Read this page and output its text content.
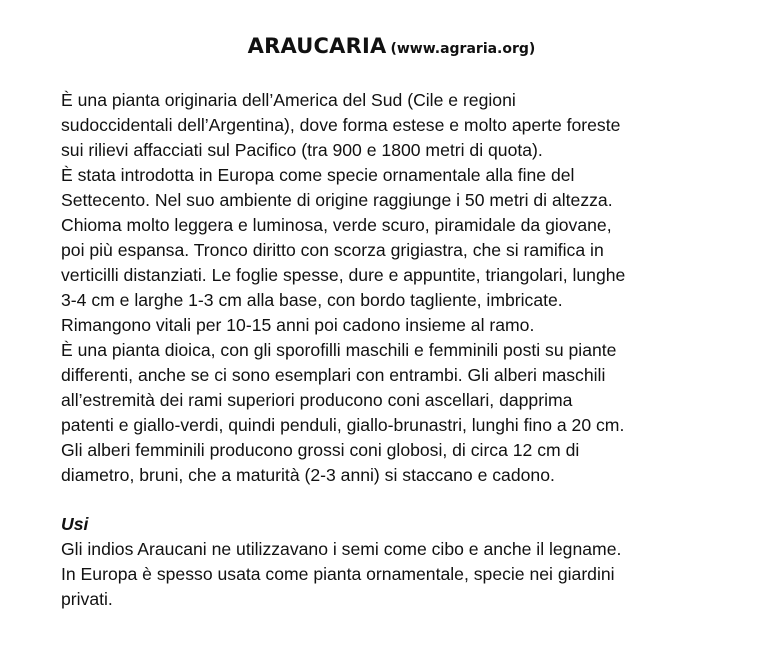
ARAUCARIA (www.agraria.org)
È una pianta originaria dell’America del Sud (Cile e regioni
sudoccidentali dell’Argentina), dove forma estese e molto aperte foreste
sui rilievi affacciati sul Pacifico (tra 900 e 1800 metri di quota).
È stata introdotta in Europa come specie ornamentale alla fine del
Settecento. Nel suo ambiente di origine raggiunge i 50 metri di altezza.
Chioma molto leggera e luminosa, verde scuro, piramidale da giovane,
poi più espansa. Tronco diritto con scorza grigiastra, che si ramifica in
verticilli distanziati. Le foglie spesse, dure e appuntite, triangolari, lunghe
3-4 cm e larghe 1-3 cm alla base, con bordo tagliente, imbricate.
Rimangono vitali per 10-15 anni poi cadono insieme al ramo.
È una pianta dioica, con gli sporofilli maschili e femminili posti su piante
differenti, anche se ci sono esemplari con entrambi. Gli alberi maschili
all’estremità dei rami superiori producono coni ascellari, dapprima
patenti e giallo-verdi, quindi penduli, giallo-brunastri, lunghi fino a 20 cm.
Gli alberi femminili producono grossi coni globosi, di circa 12 cm di
diametro, bruni, che a maturità (2-3 anni) si staccano e cadono.
Usi
Gli indios Araucani ne utilizzavano i semi come cibo e anche il legname.
In Europa è spesso usata come pianta ornamentale, specie nei giardini
privati.
